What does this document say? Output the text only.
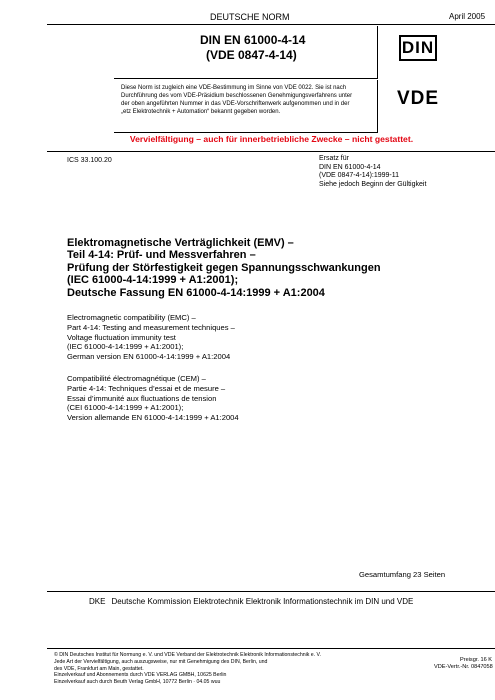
DEUTSCHE NORM	April 2005
DIN EN 61000-4-14
(VDE 0847-4-14)	DIN
Diese Norm ist zugleich eine VDE-Bestimmung im Sinne von VDE 0022. Sie ist nach
Durchführung des vom VDE-Präsidium beschlossenen Genehmigungsverfahrens unter
der oben angeführten Nummer in das VDE-Vorschriftenwerk aufgenommen und in der
„etz Elektrotechnik + Automation“ bekannt gegeben worden.
VDE
Vervielfältigung – auch für innerbetriebliche Zwecke – nicht gestattet.
ICS 33.100.20	Ersatz für
DIN EN 61000-4-14
(VDE 0847-4-14):1999-11
Siehe jedoch Beginn der Gültigkeit
Elektromagnetische Verträglichkeit (EMV) –
Teil 4-14: Prüf- und Messverfahren –
Prüfung der Störfestigkeit gegen Spannungsschwankungen
(IEC 61000-4-14:1999 + A1:2001);
Deutsche Fassung EN 61000-4-14:1999 + A1:2004
Electromagnetic compatibility (EMC) –
Part 4-14: Testing and measurement techniques –
Voltage fluctuation immunity test
(IEC 61000-4-14:1999 + A1:2001);
German version EN 61000-4-14:1999 + A1:2004
Compatibilité électromagnétique (CEM) –
Partie 4-14: Techniques d’essai et de mesure –
Essai d’immunité aux fluctuations de tension
(CEI 61000-4-14:1999 + A1:2001);
Version allemande EN 61000-4-14:1999 + A1:2004
Gesamtumfang 23 Seiten
DKE Deutsche Kommission Elektrotechnik Elektronik Informationstechnik im DIN und VDE
© DIN Deutsches Institut für Normung e. V. und VDE Verband der Elektrotechnik Elektronik Informationstechnik e. V.
Jede Art der Vervielfältigung, auch auszugsweise, nur mit Genehmigung des DIN, Berlin, und
des VDE, Frankfurt am Main, gestattet.
Einzelverkauf und Abonnements durch VDE VERLAG GMBH, 10625 Berlin
Einzelverkauf auch durch Beuth Verlag GmbH, 10772 Berlin · 04.05 wuu
Preisgr. 16 K
VDE-Vertr.-Nr. 0847058
